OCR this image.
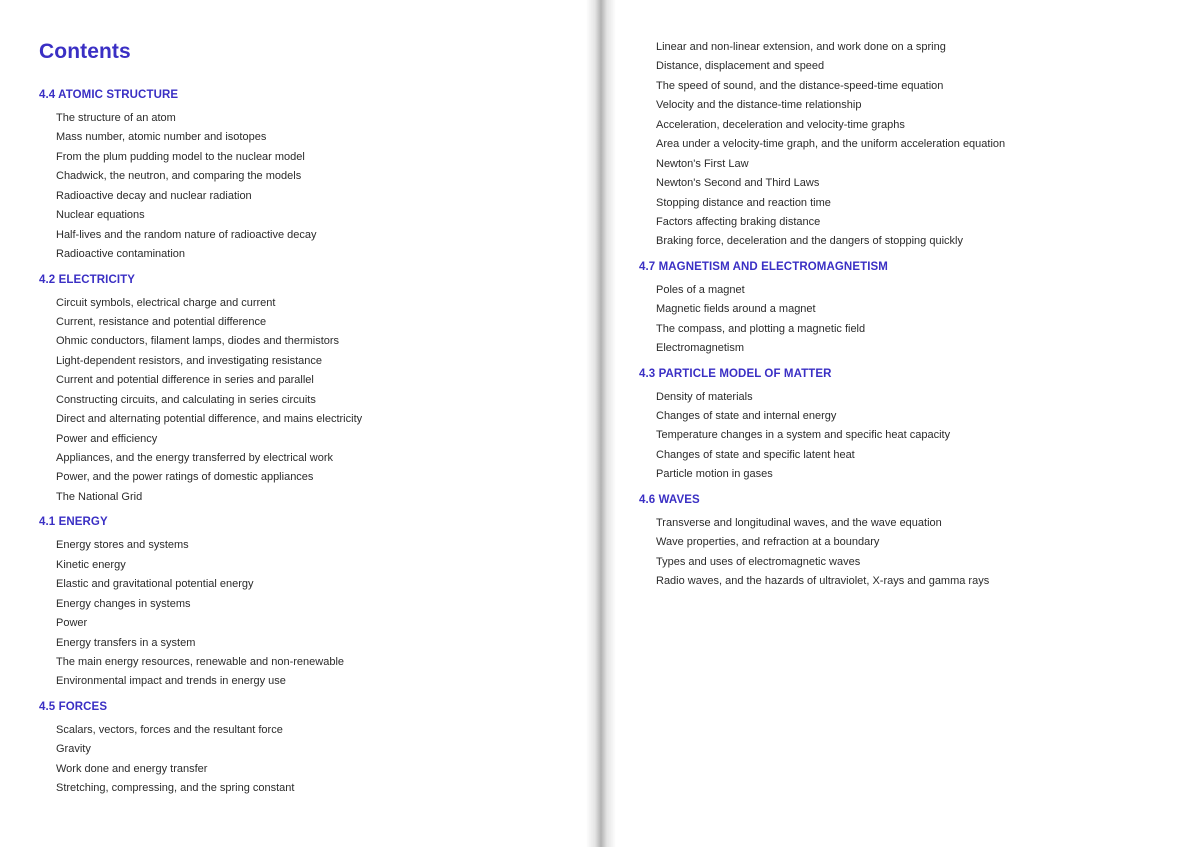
Contents
4.4 ATOMIC STRUCTURE
The structure of an atom
Mass number, atomic number and isotopes
From the plum pudding model to the nuclear model
Chadwick, the neutron, and comparing the models
Radioactive decay and nuclear radiation
Nuclear equations
Half-lives and the random nature of radioactive decay
Radioactive contamination
4.2 ELECTRICITY
Circuit symbols, electrical charge and current
Current, resistance and potential difference
Ohmic conductors, filament lamps, diodes and thermistors
Light-dependent resistors, and investigating resistance
Current and potential difference in series and parallel
Constructing circuits, and calculating in series circuits
Direct and alternating potential difference, and mains electricity
Power and efficiency
Appliances, and the energy transferred by electrical work
Power, and the power ratings of domestic appliances
The National Grid
4.1 ENERGY
Energy stores and systems
Kinetic energy
Elastic and gravitational potential energy
Energy changes in systems
Power
Energy transfers in a system
The main energy resources, renewable and non-renewable
Environmental impact and trends in energy use
4.5 FORCES
Scalars, vectors, forces and the resultant force
Gravity
Work done and energy transfer
Stretching, compressing, and the spring constant
Linear and non-linear extension, and work done on a spring
Distance, displacement and speed
The speed of sound, and the distance-speed-time equation
Velocity and the distance-time relationship
Acceleration, deceleration and velocity-time graphs
Area under a velocity-time graph, and the uniform acceleration equation
Newton's First Law
Newton's Second and Third Laws
Stopping distance and reaction time
Factors affecting braking distance
Braking force, deceleration and the dangers of stopping quickly
4.7 MAGNETISM AND ELECTROMAGNETISM
Poles of a magnet
Magnetic fields around a magnet
The compass, and plotting a magnetic field
Electromagnetism
4.3 PARTICLE MODEL OF MATTER
Density of materials
Changes of state and internal energy
Temperature changes in a system and specific heat capacity
Changes of state and specific latent heat
Particle motion in gases
4.6 WAVES
Transverse and longitudinal waves, and the wave equation
Wave properties, and refraction at a boundary
Types and uses of electromagnetic waves
Radio waves, and the hazards of ultraviolet, X-rays and gamma rays
